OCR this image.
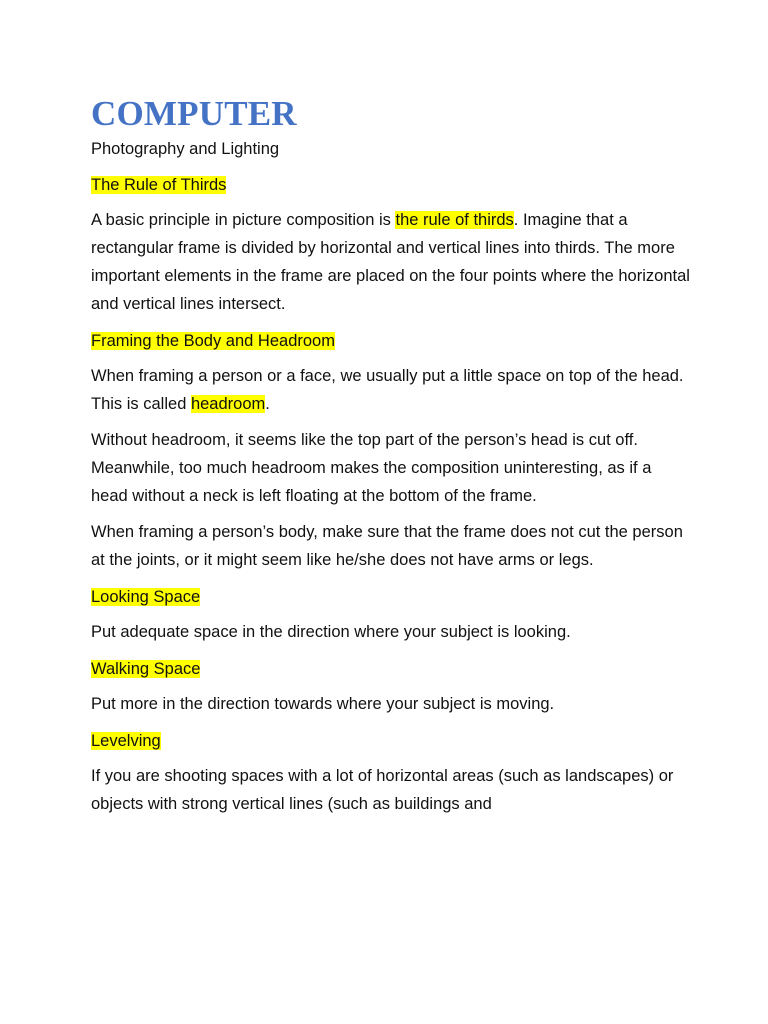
COMPUTER

Photography and Lighting

The Rule of Thirds

A basic principle in picture composition is the rule of thirds. Imagine that a rectangular frame is divided by horizontal and vertical lines into thirds. The more important elements in the frame are placed on the four points where the horizontal and vertical lines intersect.

Framing the Body and Headroom

When framing a person or a face, we usually put a little space on top of the head. This is called headroom.

Without headroom, it seems like the top part of the person’s head is cut off. Meanwhile, too much headroom makes the composition uninteresting, as if a head without a neck is left floating at the bottom of the frame.

When framing a person’s body, make sure that the frame does not cut the person at the joints, or it might seem like he/she does not have arms or legs.

Looking Space

Put adequate space in the direction where your subject is looking.

Walking Space

Put more in the direction towards where your subject is moving.

Levelving

If you are shooting spaces with a lot of horizontal areas (such as landscapes) or objects with strong vertical lines (such as buildings and
